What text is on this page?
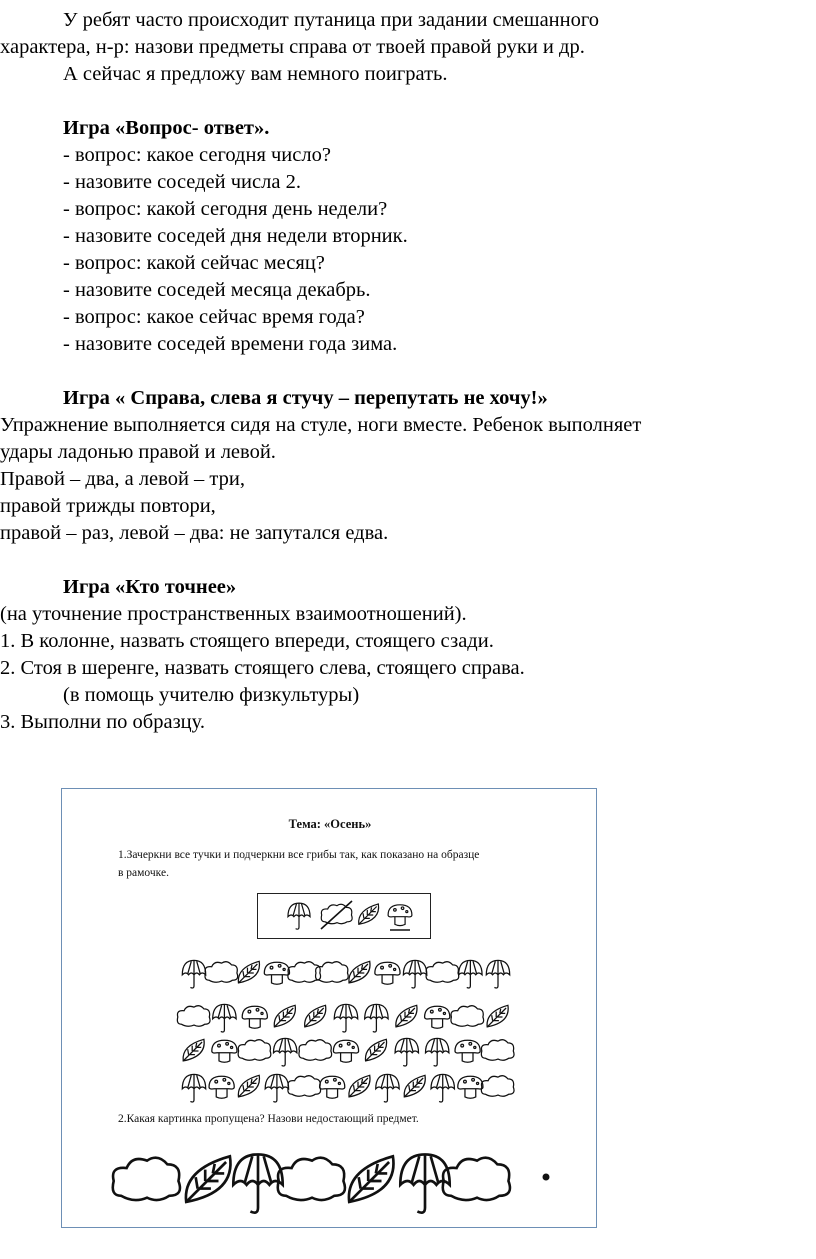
У ребят часто происходит путаница при задании смешанного
характера, н-р: назови предметы справа от твоей правой руки и др.
А сейчас я предложу вам немного поиграть.
Игра «Вопрос- ответ».
- вопрос: какое сегодня число?
- назовите соседей числа 2.
- вопрос: какой сегодня день недели?
- назовите соседей дня недели вторник.
- вопрос: какой сейчас месяц?
- назовите соседей месяца декабрь.
- вопрос: какое сейчас время года?
- назовите соседей времени года зима.
Игра « Справа, слева я стучу – перепутать не хочу!»
Упражнение выполняется сидя на стуле, ноги вместе. Ребенок выполняет
удары ладонью правой и левой.
Правой – два, а левой – три,
правой трижды повтори,
правой – раз, левой – два: не запутался едва.
Игра «Кто точнее»
(на уточнение пространственных взаимоотношений).
1. В колонне, назвать стоящего впереди, стоящего сзади.
2. Стоя в шеренге, назвать стоящего слева, стоящего справа.
(в помощь учителю физкультуры)
3. Выполни по образцу.
Тема: «Осень»
1.Зачеркни все тучки и подчеркни все грибы так, как показано на образце
в рамочке.
2.Какая картинка пропущена? Назови недостающий предмет.
